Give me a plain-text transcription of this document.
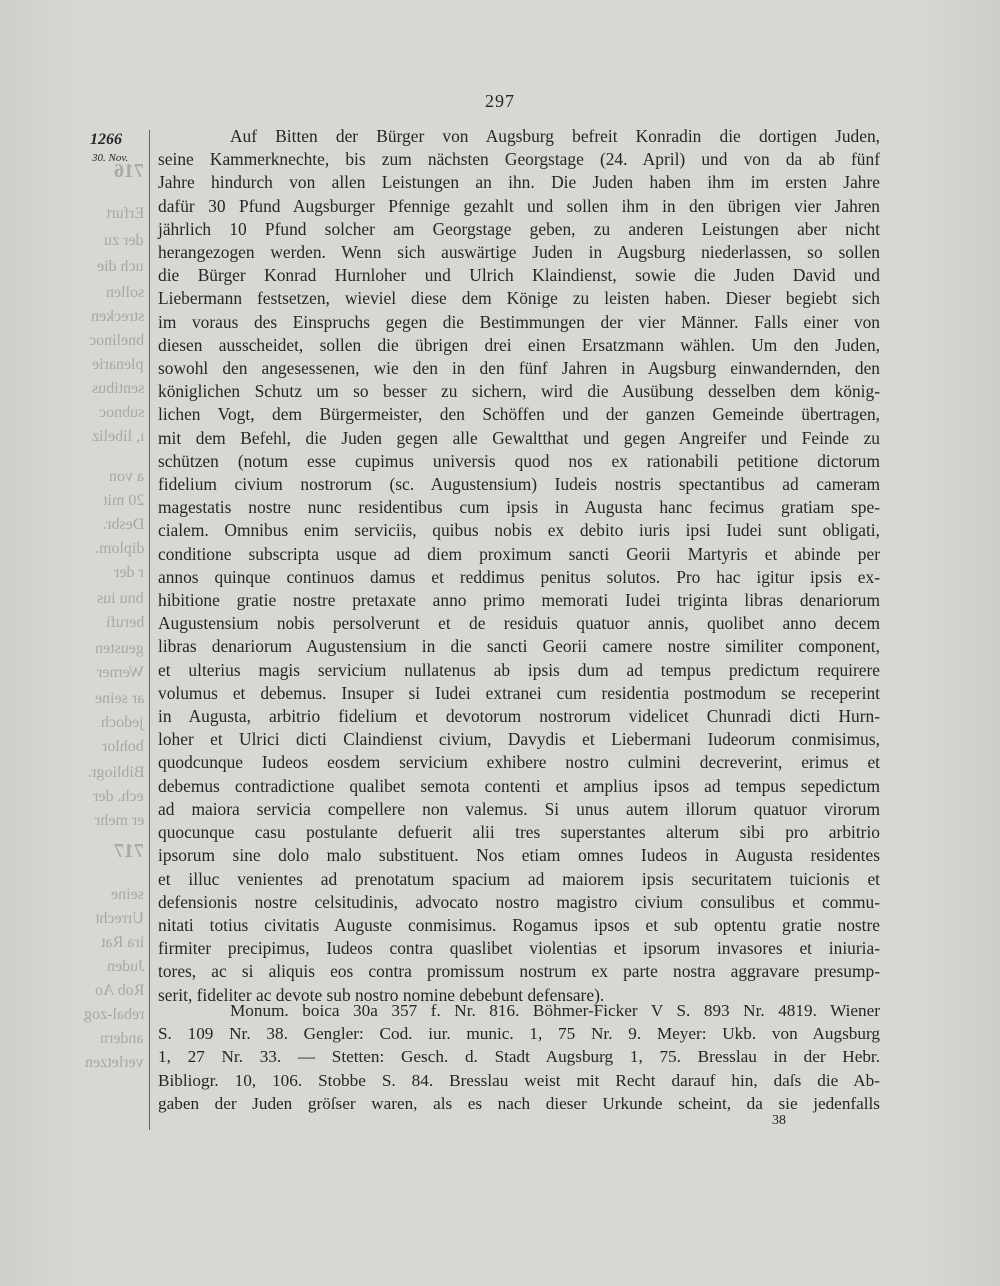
297
1266
30. Nov.
716
Erfurt
der zu
uch die
sollen
strecken
bnelinoc
plenarie
sentibus
subnoc
ı, libeliz
a von
20 mit
Desbr.
diplom.
r der
bnu ius
berufi
geusten
Werner
ar seine
jedoch
bohlor
Bibliogr.
ech. der
er mehr
717
seine
Urrecht
ira Rat
Juden
Rob Ao
rebal-zog
andern
verletzen
Auf Bitten der Bürger von Augsburg befreit Konradin die dortigen Juden,
seine Kammerknechte, bis zum nächsten Georgstage (24. April) und von da ab fünf
Jahre hindurch von allen Leistungen an ihn. Die Juden haben ihm im ersten Jahre
dafür 30 Pfund Augsburger Pfennige gezahlt und sollen ihm in den übrigen vier Jahren
jährlich 10 Pfund solcher am Georgstage geben, zu anderen Leistungen aber nicht
herangezogen werden. Wenn sich auswärtige Juden in Augsburg niederlassen, so sollen
die Bürger Konrad Hurnloher und Ulrich Klaindienst, sowie die Juden David und
Liebermann festsetzen, wieviel diese dem Könige zu leisten haben. Dieser begiebt sich
im voraus des Einspruchs gegen die Bestimmungen der vier Männer. Falls einer von
diesen ausscheidet, sollen die übrigen drei einen Ersatzmann wählen. Um den Juden,
sowohl den angesessenen, wie den in den fünf Jahren in Augsburg einwandernden, den
königlichen Schutz um so besser zu sichern, wird die Ausübung desselben dem könig-
lichen Vogt, dem Bürgermeister, den Schöffen und der ganzen Gemeinde übertragen,
mit dem Befehl, die Juden gegen alle Gewaltthat und gegen Angreifer und Feinde zu
schützen (notum esse cupimus universis quod nos ex rationabili petitione dictorum
fidelium civium nostrorum (sc. Augustensium) Iudeis nostris spectantibus ad cameram
magestatis nostre nunc residentibus cum ipsis in Augusta hanc fecimus gratiam spe-
cialem. Omnibus enim serviciis, quibus nobis ex debito iuris ipsi Iudei sunt obligati,
conditione subscripta usque ad diem proximum sancti Georii Martyris et abinde per
annos quinque continuos damus et reddimus penitus solutos. Pro hac igitur ipsis ex-
hibitione gratie nostre pretaxate anno primo memorati Iudei triginta libras denariorum
Augustensium nobis persolverunt et de residuis quatuor annis, quolibet anno decem
libras denariorum Augustensium in die sancti Georii camere nostre similiter component,
et ulterius magis servicium nullatenus ab ipsis dum ad tempus predictum requirere
volumus et debemus. Insuper si Iudei extranei cum residentia postmodum se receperint
in Augusta, arbitrio fidelium et devotorum nostrorum videlicet Chunradi dicti Hurn-
loher et Ulrici dicti Claindienst civium, Davydis et Liebermani Iudeorum conmisimus,
quodcunque Iudeos eosdem servicium exhibere nostro culmini decreverint, erimus et
debemus contradictione qualibet semota contenti et amplius ipsos ad tempus sepedictum
ad maiora servicia compellere non valemus. Si unus autem illorum quatuor virorum
quocunque casu postulante defuerit alii tres superstantes alterum sibi pro arbitrio
ipsorum sine dolo malo substituent. Nos etiam omnes Iudeos in Augusta residentes
et illuc venientes ad prenotatum spacium ad maiorem ipsis securitatem tuicionis et
defensionis nostre celsitudinis, advocato nostro magistro civium consulibus et commu-
nitati totius civitatis Auguste conmisimus. Rogamus ipsos et sub optentu gratie nostre
firmiter precipimus, Iudeos contra quaslibet violentias et ipsorum invasores et iniuria-
tores, ac si aliquis eos contra promissum nostrum ex parte nostra aggravare presump-
serit, fideliter ac devote sub nostro nomine debebunt defensare).
Monum. boica 30a 357 f. Nr. 816. Böhmer-Ficker V S. 893 Nr. 4819. Wiener
S. 109 Nr. 38. Gengler: Cod. iur. munic. 1, 75 Nr. 9. Meyer: Ukb. von Augsburg
1, 27 Nr. 33. — Stetten: Gesch. d. Stadt Augsburg 1, 75. Bresslau in der Hebr.
Bibliogr. 10, 106. Stobbe S. 84. Bresslau weist mit Recht darauf hin, daſs die Ab-
gaben der Juden gröſser waren, als es nach dieser Urkunde scheint, da sie jedenfalls
38
